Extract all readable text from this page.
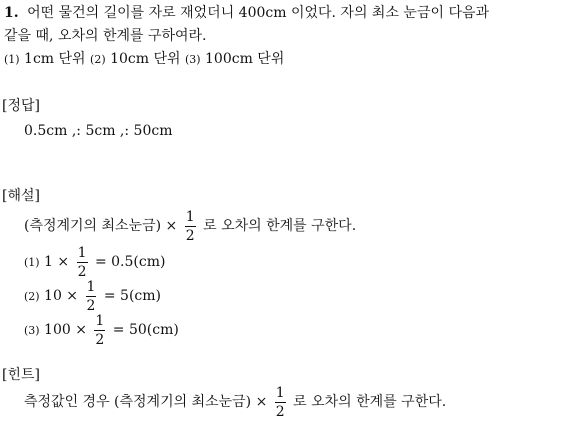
1. 어떤 물건의 길이를 자로 재었더니 400cm 이었다. 자의 최소 눈금이 다음과
같을 때, 오차의 한계를 구하여라.
(1) 1cm 단위 (2) 10cm 단위 (3) 100cm 단위
[정답]
0.5cm ,: 5cm ,: 50cm
[해설]
(측정계기의 최소눈금) × $\frac{1}{2}$ 로 오차의 한계를 구한다.
(1) $1 \times \frac{1}{2} = 0.5(cm)$
(2) $10 \times \frac{1}{2} = 5(cm)$
(3) $100 \times \frac{1}{2} = 50(cm)$
[힌트]
측정값인 경우 (측정계기의 최소눈금) × $\frac{1}{2}$ 로 오차의 한계를 구한다.
